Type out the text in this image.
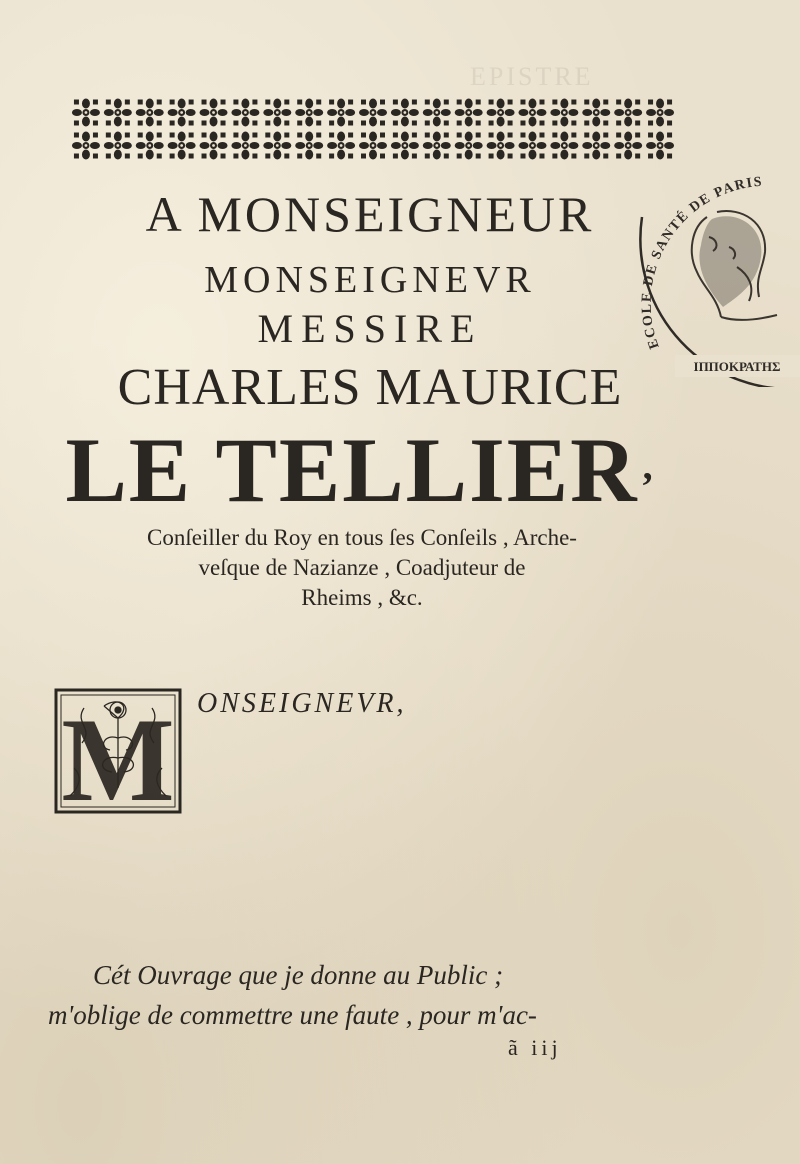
EPISTRE
A MONSEIGNEUR
MONSEIGNEVR
MESSIRE
CHARLES MAURICE
LE TELLIER ,

Conſeiller du Roy en tous ſes Conſeils , Arche-

veſque de Nazianze , Coadjuteur de

Rheims , &c.

M ONSEIGNEVR,
Cét Ouvrage que je donne au Public ;
m'oblige de commettre une faute , pour m'ac-
ã iij
ECOLE DE SANTÉ DE PARIS
ΙΠΠΟΚΡΑΤΗΣ
